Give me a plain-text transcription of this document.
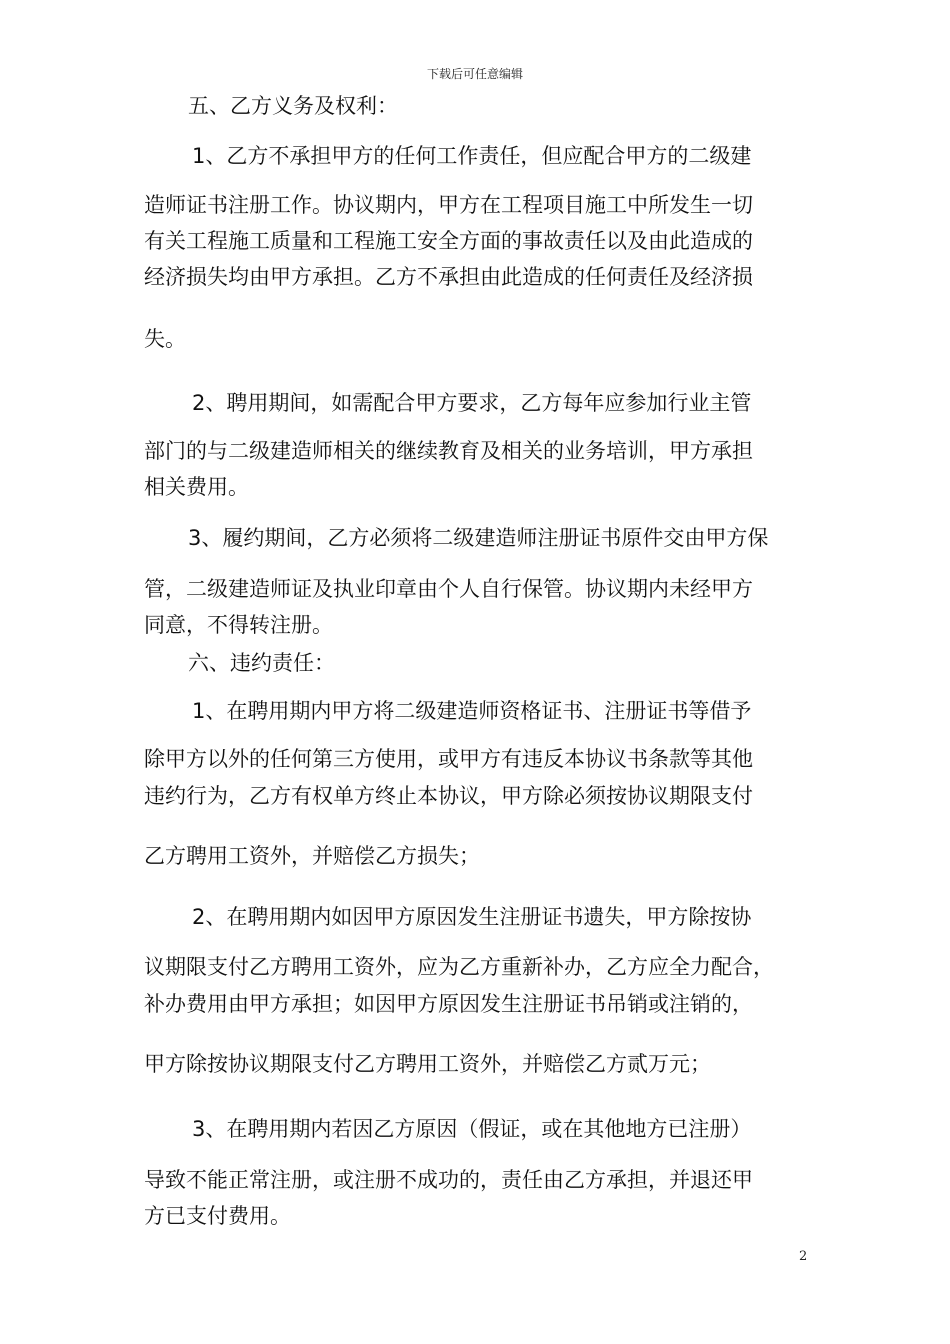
下载后可任意编辑
五、乙方义务及权利：
1、乙方不承担甲方的任何工作责任，但应配合甲方的二级建
造师证书注册工作。协议期内，甲方在工程项目施工中所发生一切
有关工程施工质量和工程施工安全方面的事故责任以及由此造成的
经济损失均由甲方承担。乙方不承担由此造成的任何责任及经济损
失。
2、聘用期间，如需配合甲方要求，乙方每年应参加行业主管
部门的与二级建造师相关的继续教育及相关的业务培训，甲方承担
相关费用。
3、履约期间，乙方必须将二级建造师注册证书原件交由甲方保
管，二级建造师证及执业印章由个人自行保管。协议期内未经甲方
同意，不得转注册。
六、违约责任：
1、在聘用期内甲方将二级建造师资格证书、注册证书等借予
除甲方以外的任何第三方使用，或甲方有违反本协议书条款等其他
违约行为，乙方有权单方终止本协议，甲方除必须按协议期限支付
乙方聘用工资外，并赔偿乙方损失；
2、在聘用期内如因甲方原因发生注册证书遗失，甲方除按协
议期限支付乙方聘用工资外，应为乙方重新补办，乙方应全力配合，
补办费用由甲方承担；如因甲方原因发生注册证书吊销或注销的，
甲方除按协议期限支付乙方聘用工资外，并赔偿乙方贰万元；
3、在聘用期内若因乙方原因（假证，或在其他地方已注册）
导致不能正常注册，或注册不成功的，责任由乙方承担，并退还甲
方已支付费用。
2
